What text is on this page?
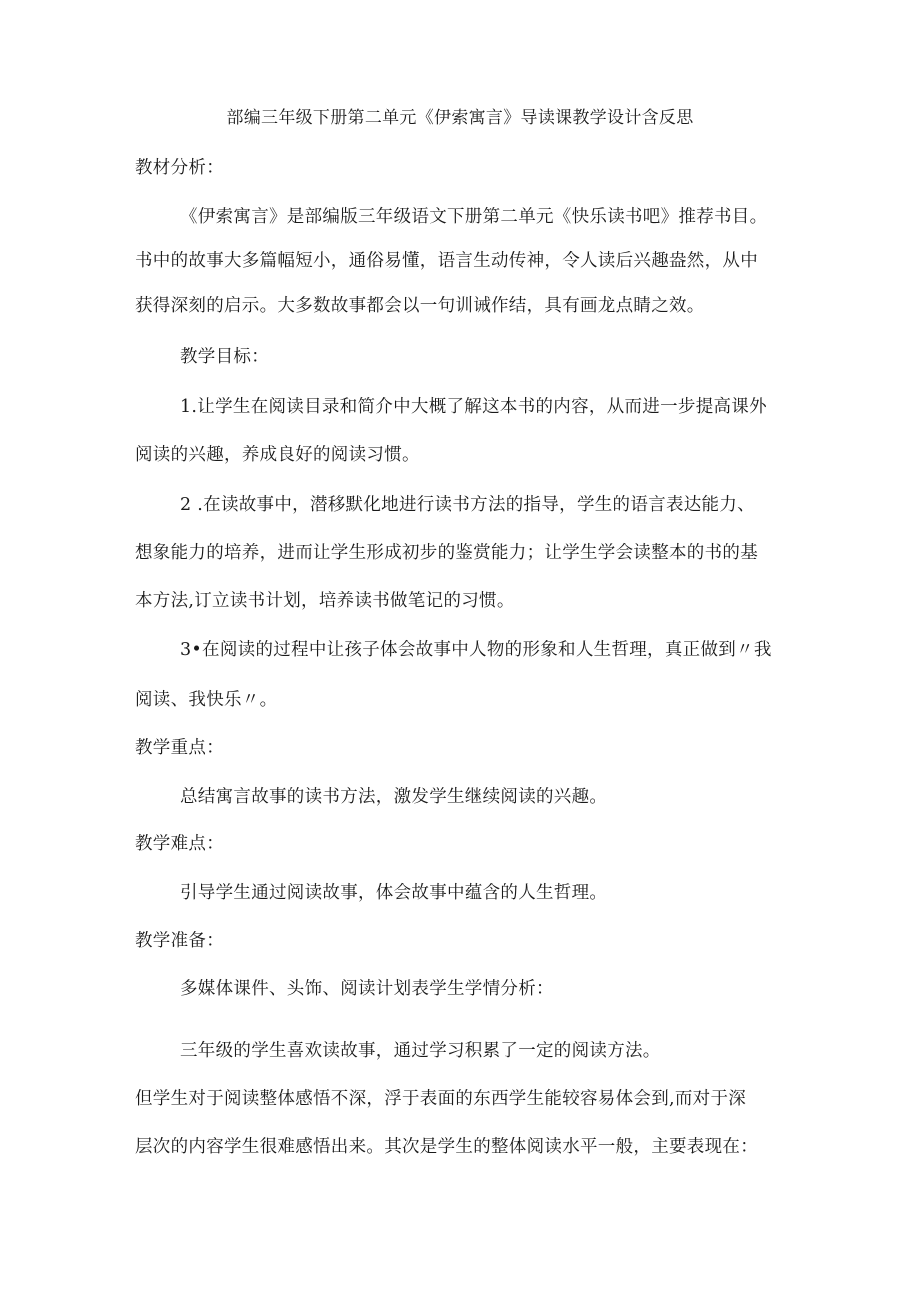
部编三年级下册第二单元《伊索寓言》导读课教学设计含反思
教材分析：
《伊索寓言》是部编版三年级语文下册第二单元《快乐读书吧》推荐书目。
书中的故事大多篇幅短小，通俗易懂，语言生动传神，令人读后兴趣盎然，从中
获得深刻的启示。大多数故事都会以一句训诫作结，具有画龙点睛之效。
教学目标：
1.让学生在阅读目录和简介中大概了解这本书的内容，从而进一步提高课外
阅读的兴趣，养成良好的阅读习惯。
2 .在读故事中，潜移默化地进行读书方法的指导，学生的语言表达能力、
想象能力的培养，进而让学生形成初步的鉴赏能力；让学生学会读整本的书的基
本方法,订立读书计划，培养读书做笔记的习惯。
3•在阅读的过程中让孩子体会故事中人物的形象和人生哲理，真正做到〃我
阅读、我快乐〃。
教学重点：
总结寓言故事的读书方法，激发学生继续阅读的兴趣。
教学难点：
引导学生通过阅读故事，体会故事中蕴含的人生哲理。
教学准备：
多媒体课件、头饰、阅读计划表学生学情分析：
三年级的学生喜欢读故事，通过学习积累了一定的阅读方法。
但学生对于阅读整体感悟不深，浮于表面的东西学生能较容易体会到,而对于深
层次的内容学生很难感悟出来。其次是学生的整体阅读水平一般，主要表现在：
